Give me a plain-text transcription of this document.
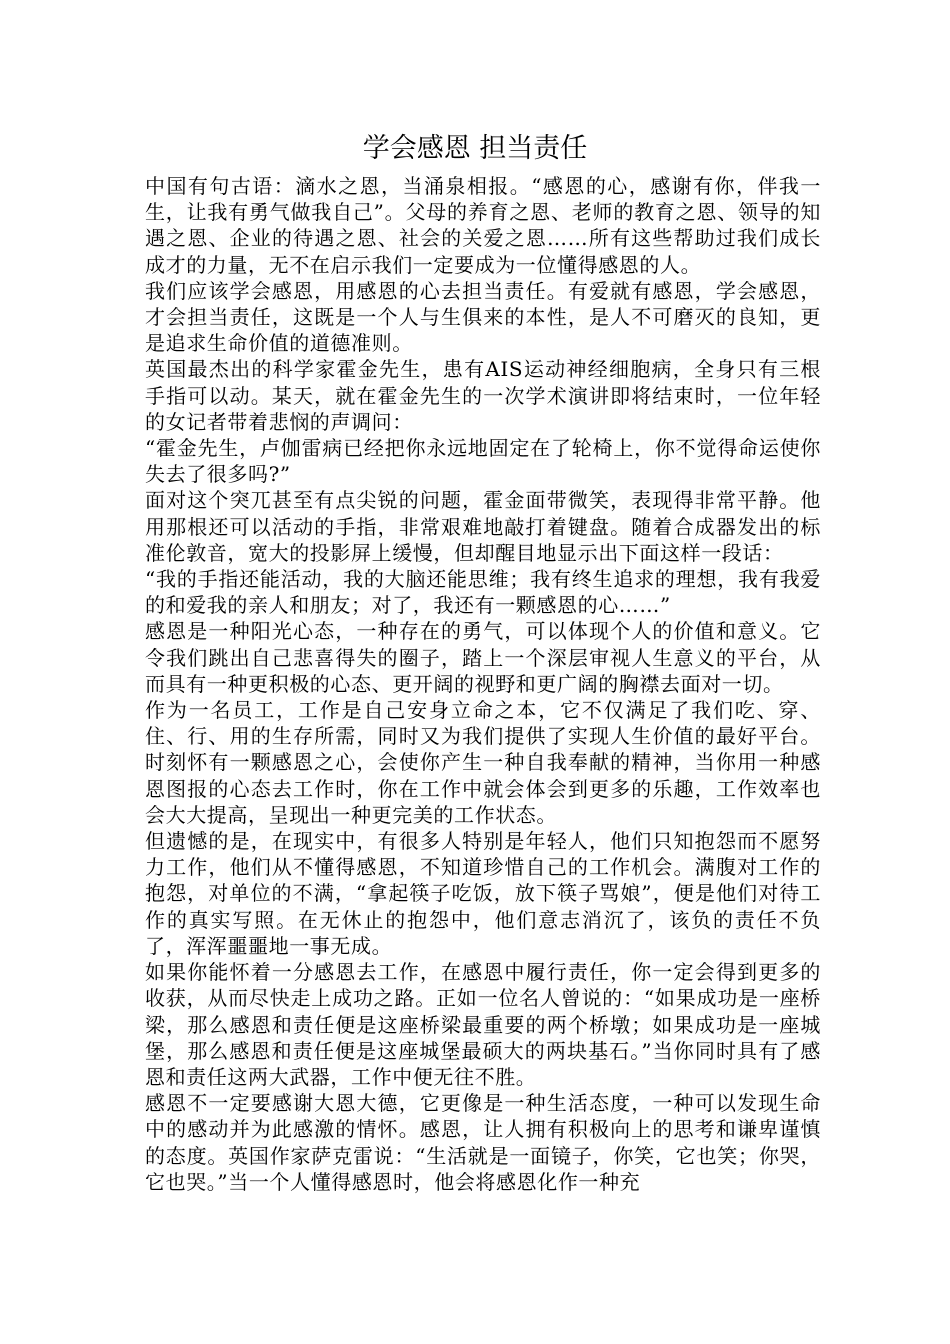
学会感恩 担当责任

中国有句古语：滴水之恩，当涌泉相报。“感恩的心，感谢有你，伴我一生，让我有勇气做我自己”。父母的养育之恩、老师的教育之恩、领导的知遇之恩、企业的待遇之恩、社会的关爱之恩……所有这些帮助过我们成长成才的力量，无不在启示我们一定要成为一位懂得感恩的人。

我们应该学会感恩，用感恩的心去担当责任。有爱就有感恩，学会感恩，才会担当责任，这既是一个人与生俱来的本性，是人不可磨灭的良知，更是追求生命价值的道德准则。

英国最杰出的科学家霍金先生，患有AIS运动神经细胞病，全身只有三根手指可以动。某天，就在霍金先生的一次学术演讲即将结束时，一位年轻的女记者带着悲悯的声调问：

“霍金先生，卢伽雷病已经把你永远地固定在了轮椅上，你不觉得命运使你失去了很多吗?”

面对这个突兀甚至有点尖锐的问题，霍金面带微笑，表现得非常平静。他用那根还可以活动的手指，非常艰难地敲打着键盘。随着合成器发出的标准伦敦音，宽大的投影屏上缓慢，但却醒目地显示出下面这样一段话：

“我的手指还能活动，我的大脑还能思维；我有终生追求的理想，我有我爱的和爱我的亲人和朋友；对了，我还有一颗感恩的心……”

感恩是一种阳光心态，一种存在的勇气，可以体现个人的价值和意义。它令我们跳出自己悲喜得失的圈子，踏上一个深层审视人生意义的平台，从而具有一种更积极的心态、更开阔的视野和更广阔的胸襟去面对一切。

作为一名员工，工作是自己安身立命之本，它不仅满足了我们吃、穿、住、行、用的生存所需，同时又为我们提供了实现人生价值的最好平台。时刻怀有一颗感恩之心，会使你产生一种自我奉献的精神，当你用一种感恩图报的心态去工作时，你在工作中就会体会到更多的乐趣，工作效率也会大大提高，呈现出一种更完美的工作状态。

但遗憾的是，在现实中，有很多人特别是年轻人，他们只知抱怨而不愿努力工作，他们从不懂得感恩，不知道珍惜自己的工作机会。满腹对工作的抱怨，对单位的不满，“拿起筷子吃饭，放下筷子骂娘”，便是他们对待工作的真实写照。在无休止的抱怨中，他们意志消沉了，该负的责任不负了，浑浑噩噩地一事无成。

如果你能怀着一分感恩去工作，在感恩中履行责任，你一定会得到更多的收获，从而尽快走上成功之路。正如一位名人曾说的：“如果成功是一座桥梁，那么感恩和责任便是这座桥梁最重要的两个桥墩；如果成功是一座城堡，那么感恩和责任便是这座城堡最硕大的两块基石。”当你同时具有了感恩和责任这两大武器，工作中便无往不胜。

感恩不一定要感谢大恩大德，它更像是一种生活态度，一种可以发现生命中的感动并为此感激的情怀。感恩，让人拥有积极向上的思考和谦卑谨慎的态度。英国作家萨克雷说：“生活就是一面镜子，你笑，它也笑；你哭，它也哭。”当一个人懂得感恩时，他会将感恩化作一种充
